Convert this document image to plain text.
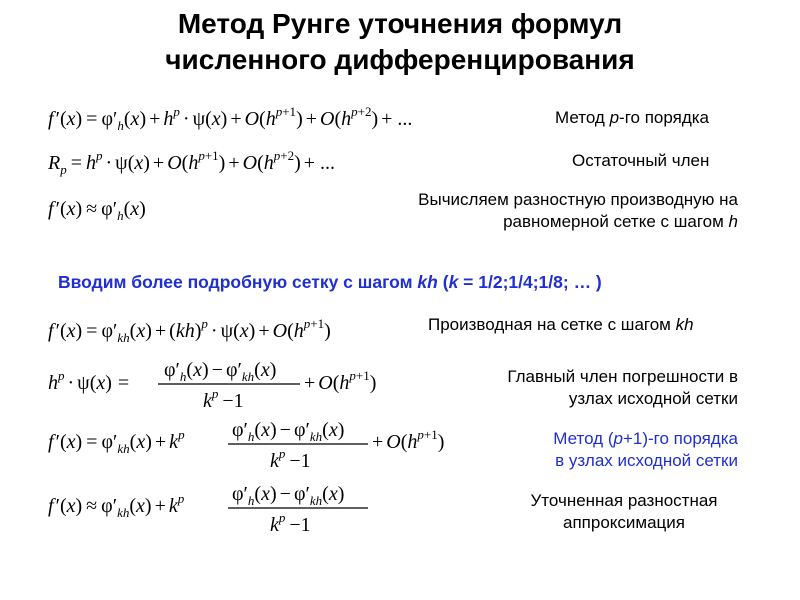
Метод Рунге уточнения формул
численного дифференцирования
f $'(x) = \varphi'_h(x) + h^p \cdot \psi(x) + O(h^p+1) + O(h^p+2)$ + ...	Метод p-го порядка
$R_p = h^p \cdot \psi(x) + O(h^p+1) + O(h^p+2)$ + ...	Остаточный член
f $'(x) \approx \varphi'_h(x)$	Вычисляем разностную производную на
равномерной сетке с шагом h
Вводим более подробную сетку с шагом kh (k = 1/2;1/4;1/8; … )
f $'(x) = \varphi'_{kh}(x) + (kh)^p \cdot \psi(x) + O(h^p+1)$	Производная на сетке с шагом kh
$h^p \cdot \psi(x)$ =
$\varphi'_h(x) - \varphi'_{kh}(x)$
$k^p -1$
+ $O(h^p+1)$	Главный член погрешности в
узлах исходной сетки
f $'(x) = \varphi'_{kh}(x) + k^p$ $\varphi'_h(x) - \varphi'_{kh}(x)$
$k^p -1$
+ $O(h^p+1)$	Метод (p+1)-го порядка
в узлах исходной сетки
f $'(x) \approx \varphi'_{kh}(x) + k^p$ $\varphi'_h(x) - \varphi'_{kh}(x)$
$k^p -1$
Уточненная разностная
аппроксимация
